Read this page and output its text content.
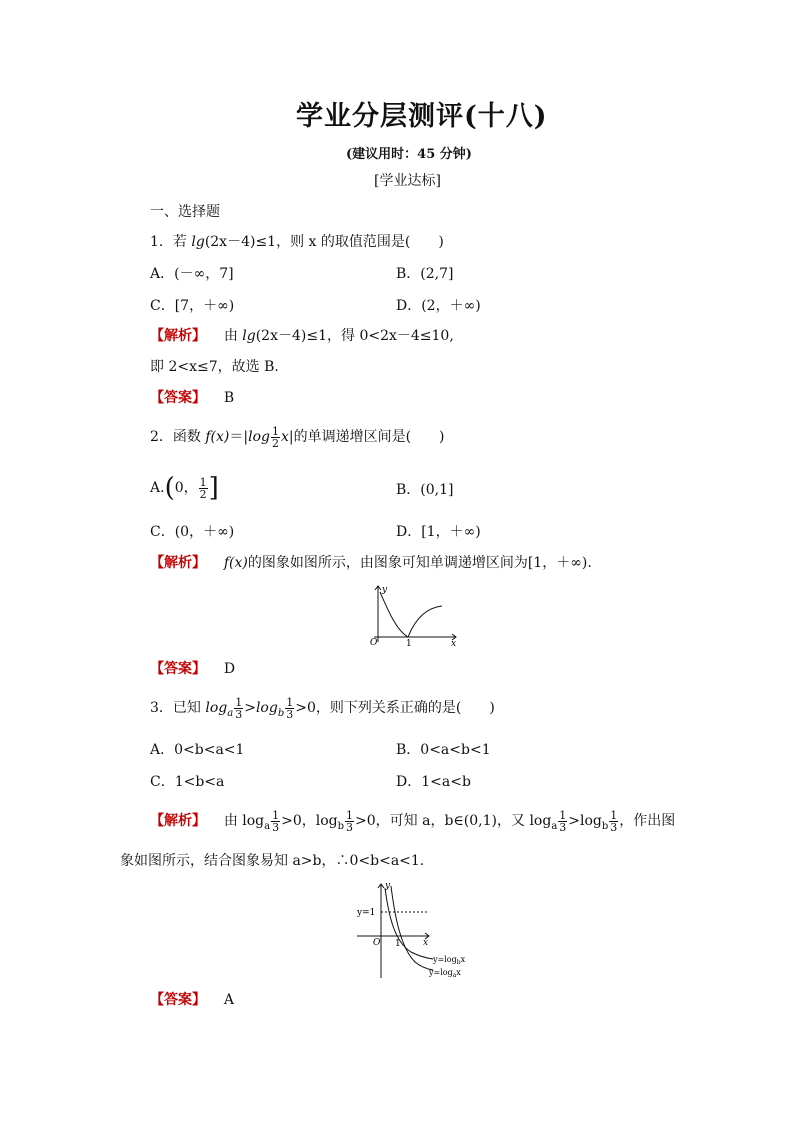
学业分层测评(十八)
(建议用时：45 分钟)
[学业达标]
一、选择题
1．若 lg(2x－4)≤1，则 x 的取值范围是(　　)
A．(－∞，7]	B．(2,7]
C．[7，＋∞)	D．(2，＋∞)
【解析】 由 lg(2x－4)≤1，得 0<2x－4≤10,
即 2<x≤7，故选 B.
【答案】 B
2．函数 $f(x)=|\log \frac{1}{2} x|$的单调递增区间是(　　)
A.(0， $\frac{1}{2}$ ]	B．(0,1]
C．(0，＋∞)	D．[1，＋∞)
【解析】 f(x)的图象如图所示，由图象可知单调递增区间为[1，＋∞).
y
x
O	1
【答案】 D
3．已知 $\log_a \frac{1}{3} >\log_b \frac{1}{3} >0$，则下列关系正确的是(　　)
A．0<b<a<1	B．0<a<b<1
C．1<b<a	D．1<a<b
【解析】 由 $\log_a \frac{1}{3} >0$，$\log_b \frac{1}{3} >0$，可知 a，b∈(0,1)，又 $\log_a \frac{1}{3} >\log_b \frac{1}{3}$ ，作出图
象如图所示，结合图象易知 a>b，∴0<b<a<1.
y
x
O 1
y=1
$y=\log_bx$
$y=\log_ax$
【答案】 A
